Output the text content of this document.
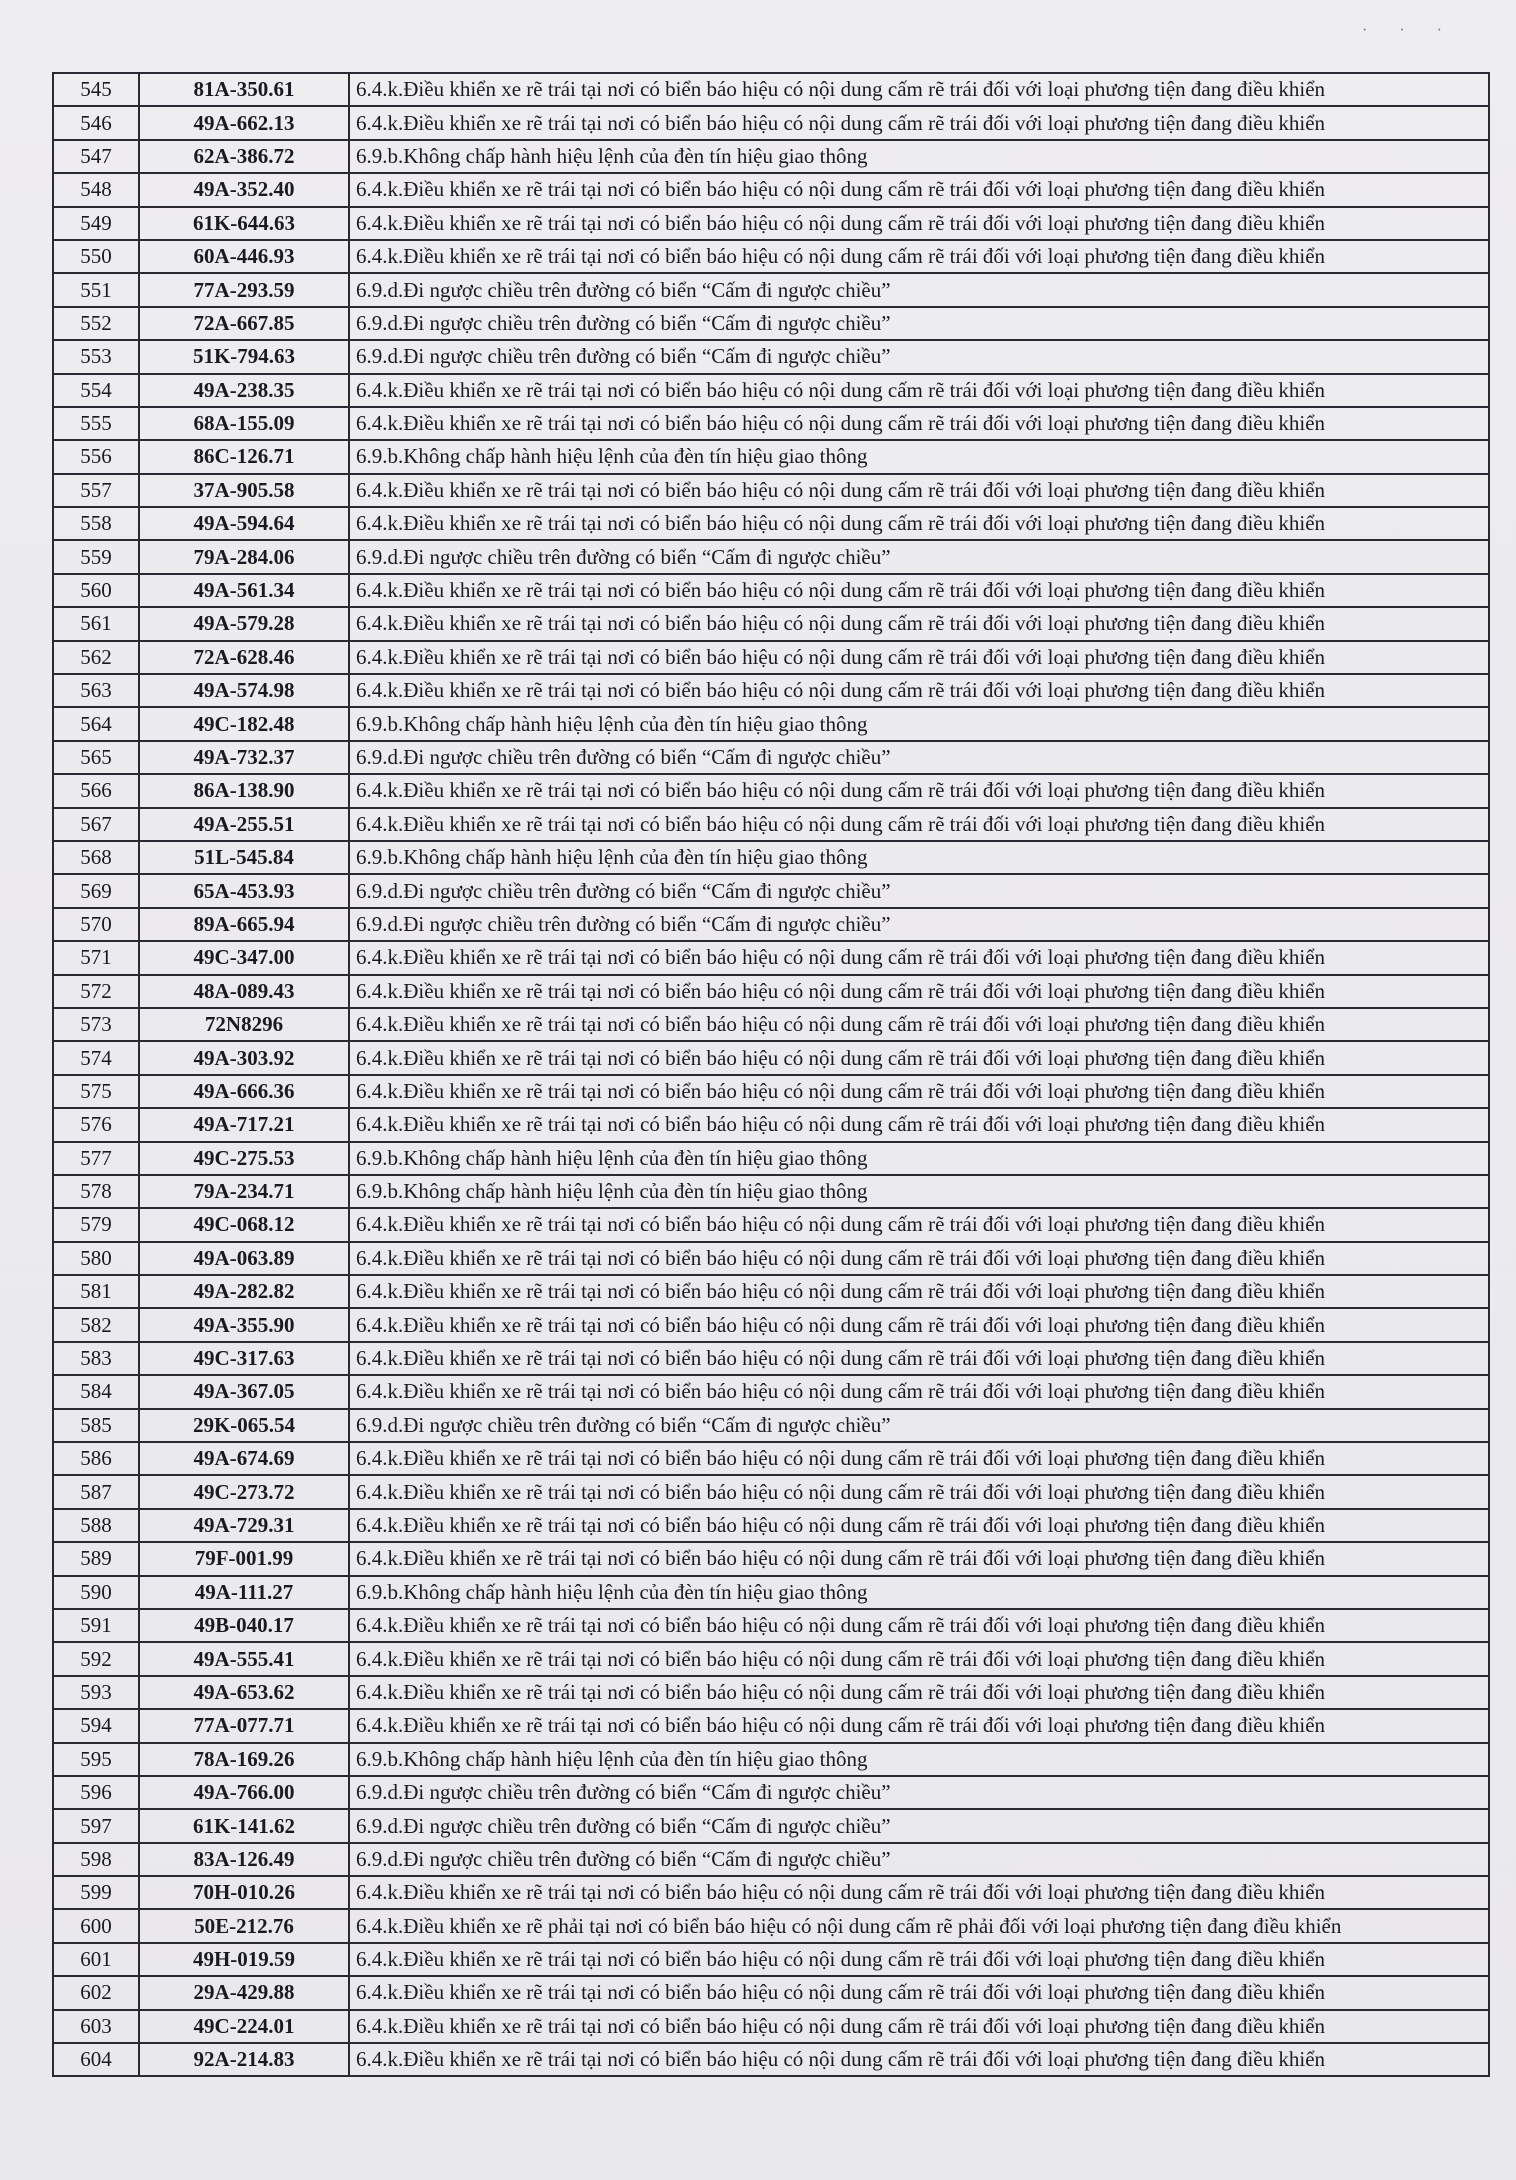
· · ·
545	81A-350.61	6.4.k.Điều khiển xe rẽ trái tại nơi có biển báo hiệu có nội dung cấm rẽ trái đối với loại phương tiện đang điều khiển
546	49A-662.13	6.4.k.Điều khiển xe rẽ trái tại nơi có biển báo hiệu có nội dung cấm rẽ trái đối với loại phương tiện đang điều khiển
547	62A-386.72	6.9.b.Không chấp hành hiệu lệnh của đèn tín hiệu giao thông
548	49A-352.40	6.4.k.Điều khiển xe rẽ trái tại nơi có biển báo hiệu có nội dung cấm rẽ trái đối với loại phương tiện đang điều khiển
549	61K-644.63	6.4.k.Điều khiển xe rẽ trái tại nơi có biển báo hiệu có nội dung cấm rẽ trái đối với loại phương tiện đang điều khiển
550	60A-446.93	6.4.k.Điều khiển xe rẽ trái tại nơi có biển báo hiệu có nội dung cấm rẽ trái đối với loại phương tiện đang điều khiển
551	77A-293.59	6.9.d.Đi ngược chiều trên đường có biển “Cấm đi ngược chiều”
552	72A-667.85	6.9.d.Đi ngược chiều trên đường có biển “Cấm đi ngược chiều”
553	51K-794.63	6.9.d.Đi ngược chiều trên đường có biển “Cấm đi ngược chiều”
554	49A-238.35	6.4.k.Điều khiển xe rẽ trái tại nơi có biển báo hiệu có nội dung cấm rẽ trái đối với loại phương tiện đang điều khiển
555	68A-155.09	6.4.k.Điều khiển xe rẽ trái tại nơi có biển báo hiệu có nội dung cấm rẽ trái đối với loại phương tiện đang điều khiển
556	86C-126.71	6.9.b.Không chấp hành hiệu lệnh của đèn tín hiệu giao thông
557	37A-905.58	6.4.k.Điều khiển xe rẽ trái tại nơi có biển báo hiệu có nội dung cấm rẽ trái đối với loại phương tiện đang điều khiển
558	49A-594.64	6.4.k.Điều khiển xe rẽ trái tại nơi có biển báo hiệu có nội dung cấm rẽ trái đối với loại phương tiện đang điều khiển
559	79A-284.06	6.9.d.Đi ngược chiều trên đường có biển “Cấm đi ngược chiều”
560	49A-561.34	6.4.k.Điều khiển xe rẽ trái tại nơi có biển báo hiệu có nội dung cấm rẽ trái đối với loại phương tiện đang điều khiển
561	49A-579.28	6.4.k.Điều khiển xe rẽ trái tại nơi có biển báo hiệu có nội dung cấm rẽ trái đối với loại phương tiện đang điều khiển
562	72A-628.46	6.4.k.Điều khiển xe rẽ trái tại nơi có biển báo hiệu có nội dung cấm rẽ trái đối với loại phương tiện đang điều khiển
563	49A-574.98	6.4.k.Điều khiển xe rẽ trái tại nơi có biển báo hiệu có nội dung cấm rẽ trái đối với loại phương tiện đang điều khiển
564	49C-182.48	6.9.b.Không chấp hành hiệu lệnh của đèn tín hiệu giao thông
565	49A-732.37	6.9.d.Đi ngược chiều trên đường có biển “Cấm đi ngược chiều”
566	86A-138.90	6.4.k.Điều khiển xe rẽ trái tại nơi có biển báo hiệu có nội dung cấm rẽ trái đối với loại phương tiện đang điều khiển
567	49A-255.51	6.4.k.Điều khiển xe rẽ trái tại nơi có biển báo hiệu có nội dung cấm rẽ trái đối với loại phương tiện đang điều khiển
568	51L-545.84	6.9.b.Không chấp hành hiệu lệnh của đèn tín hiệu giao thông
569	65A-453.93	6.9.d.Đi ngược chiều trên đường có biển “Cấm đi ngược chiều”
570	89A-665.94	6.9.d.Đi ngược chiều trên đường có biển “Cấm đi ngược chiều”
571	49C-347.00	6.4.k.Điều khiển xe rẽ trái tại nơi có biển báo hiệu có nội dung cấm rẽ trái đối với loại phương tiện đang điều khiển
572	48A-089.43	6.4.k.Điều khiển xe rẽ trái tại nơi có biển báo hiệu có nội dung cấm rẽ trái đối với loại phương tiện đang điều khiển
573	72N8296	6.4.k.Điều khiển xe rẽ trái tại nơi có biển báo hiệu có nội dung cấm rẽ trái đối với loại phương tiện đang điều khiển
574	49A-303.92	6.4.k.Điều khiển xe rẽ trái tại nơi có biển báo hiệu có nội dung cấm rẽ trái đối với loại phương tiện đang điều khiển
575	49A-666.36	6.4.k.Điều khiển xe rẽ trái tại nơi có biển báo hiệu có nội dung cấm rẽ trái đối với loại phương tiện đang điều khiển
576	49A-717.21	6.4.k.Điều khiển xe rẽ trái tại nơi có biển báo hiệu có nội dung cấm rẽ trái đối với loại phương tiện đang điều khiển
577	49C-275.53	6.9.b.Không chấp hành hiệu lệnh của đèn tín hiệu giao thông
578	79A-234.71	6.9.b.Không chấp hành hiệu lệnh của đèn tín hiệu giao thông
579	49C-068.12	6.4.k.Điều khiển xe rẽ trái tại nơi có biển báo hiệu có nội dung cấm rẽ trái đối với loại phương tiện đang điều khiển
580	49A-063.89	6.4.k.Điều khiển xe rẽ trái tại nơi có biển báo hiệu có nội dung cấm rẽ trái đối với loại phương tiện đang điều khiển
581	49A-282.82	6.4.k.Điều khiển xe rẽ trái tại nơi có biển báo hiệu có nội dung cấm rẽ trái đối với loại phương tiện đang điều khiển
582	49A-355.90	6.4.k.Điều khiển xe rẽ trái tại nơi có biển báo hiệu có nội dung cấm rẽ trái đối với loại phương tiện đang điều khiển
583	49C-317.63	6.4.k.Điều khiển xe rẽ trái tại nơi có biển báo hiệu có nội dung cấm rẽ trái đối với loại phương tiện đang điều khiển
584	49A-367.05	6.4.k.Điều khiển xe rẽ trái tại nơi có biển báo hiệu có nội dung cấm rẽ trái đối với loại phương tiện đang điều khiển
585	29K-065.54	6.9.d.Đi ngược chiều trên đường có biển “Cấm đi ngược chiều”
586	49A-674.69	6.4.k.Điều khiển xe rẽ trái tại nơi có biển báo hiệu có nội dung cấm rẽ trái đối với loại phương tiện đang điều khiển
587	49C-273.72	6.4.k.Điều khiển xe rẽ trái tại nơi có biển báo hiệu có nội dung cấm rẽ trái đối với loại phương tiện đang điều khiển
588	49A-729.31	6.4.k.Điều khiển xe rẽ trái tại nơi có biển báo hiệu có nội dung cấm rẽ trái đối với loại phương tiện đang điều khiển
589	79F-001.99	6.4.k.Điều khiển xe rẽ trái tại nơi có biển báo hiệu có nội dung cấm rẽ trái đối với loại phương tiện đang điều khiển
590	49A-111.27	6.9.b.Không chấp hành hiệu lệnh của đèn tín hiệu giao thông
591	49B-040.17	6.4.k.Điều khiển xe rẽ trái tại nơi có biển báo hiệu có nội dung cấm rẽ trái đối với loại phương tiện đang điều khiển
592	49A-555.41	6.4.k.Điều khiển xe rẽ trái tại nơi có biển báo hiệu có nội dung cấm rẽ trái đối với loại phương tiện đang điều khiển
593	49A-653.62	6.4.k.Điều khiển xe rẽ trái tại nơi có biển báo hiệu có nội dung cấm rẽ trái đối với loại phương tiện đang điều khiển
594	77A-077.71	6.4.k.Điều khiển xe rẽ trái tại nơi có biển báo hiệu có nội dung cấm rẽ trái đối với loại phương tiện đang điều khiển
595	78A-169.26	6.9.b.Không chấp hành hiệu lệnh của đèn tín hiệu giao thông
596	49A-766.00	6.9.d.Đi ngược chiều trên đường có biển “Cấm đi ngược chiều”
597	61K-141.62	6.9.d.Đi ngược chiều trên đường có biển “Cấm đi ngược chiều”
598	83A-126.49	6.9.d.Đi ngược chiều trên đường có biển “Cấm đi ngược chiều”
599	70H-010.26	6.4.k.Điều khiển xe rẽ trái tại nơi có biển báo hiệu có nội dung cấm rẽ trái đối với loại phương tiện đang điều khiển
600	50E-212.76	6.4.k.Điều khiển xe rẽ phải tại nơi có biển báo hiệu có nội dung cấm rẽ phải đối với loại phương tiện đang điều khiển
601	49H-019.59	6.4.k.Điều khiển xe rẽ trái tại nơi có biển báo hiệu có nội dung cấm rẽ trái đối với loại phương tiện đang điều khiển
602	29A-429.88	6.4.k.Điều khiển xe rẽ trái tại nơi có biển báo hiệu có nội dung cấm rẽ trái đối với loại phương tiện đang điều khiển
603	49C-224.01	6.4.k.Điều khiển xe rẽ trái tại nơi có biển báo hiệu có nội dung cấm rẽ trái đối với loại phương tiện đang điều khiển
604	92A-214.83	6.4.k.Điều khiển xe rẽ trái tại nơi có biển báo hiệu có nội dung cấm rẽ trái đối với loại phương tiện đang điều khiển
